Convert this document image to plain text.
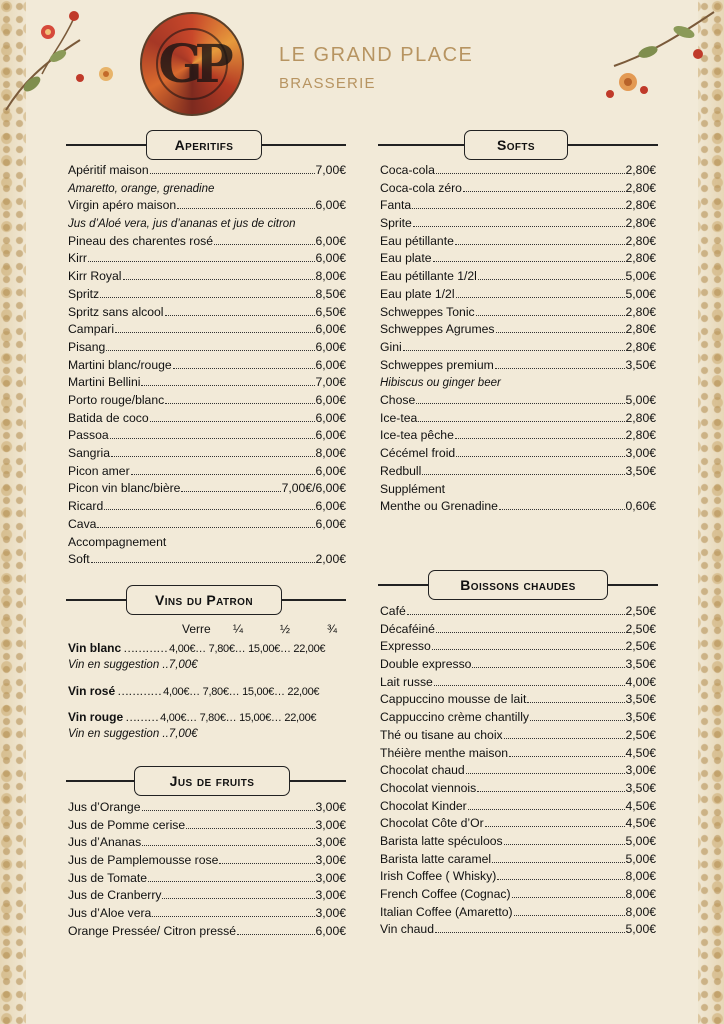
GP	LE GRAND PLACE
BRASSERIE
Aperitifs	Softs
Vins du Patron
Jus de fruits
Boissons chaudes
Apéritif maison	7,00€
Amaretto, orange, grenadine
Virgin apéro maison	6,00€
Jus d’Aloé vera, jus d’ananas et jus de citron
Pineau des charentes rosé	6,00€
Kirr	6,00€
Kirr Royal	8,00€
Spritz	8,50€
Spritz sans alcool	6,50€
Campari	6,00€
Pisang	6,00€
Martini blanc/rouge	6,00€
Martini Bellini	7,00€
Porto rouge/blanc	6,00€
Batida de coco	6,00€
Passoa	6,00€
Sangria	8,00€
Picon amer	6,00€
Picon vin blanc/bière	7,00€/6,00€
Ricard	6,00€
Cava	6,00€
Accompagnement
Soft	2,00€
Coca-cola	2,80€
Coca-cola zéro	2,80€
Fanta	2,80€
Sprite	2,80€
Eau pétillante	2,80€
Eau plate	2,80€
Eau pétillante 1/2l	5,00€
Eau plate 1/2l	5,00€
Schweppes Tonic	2,80€
Schweppes Agrumes	2,80€
Gini	2,80€
Schweppes premium	3,50€
Hibiscus ou ginger beer
Chose	5,00€
Ice-tea	2,80€
Ice-tea pêche	2,80€
Cécémel froid	3,00€
Redbull	3,50€
Supplément
Menthe ou Grenadine	0,60€
Café	2,50€
Décaféiné	2,50€
Expresso	2,50€
Double expresso	3,50€
Lait russe	4,00€
Cappuccino mousse de lait	3,50€
Cappuccino crème chantilly	3,50€
Thé ou tisane au choix	2,50€
Théière menthe maison	4,50€
Chocolat chaud	3,00€
Chocolat viennois	3,50€
Chocolat Kinder	4,50€
Chocolat Côte d’Or	4,50€
Barista latte spéculoos	5,00€
Barista latte caramel	5,00€
Irish Coffee ( Whisky)	8,00€
French Coffee (Cognac)	8,00€
Italian Coffee (Amaretto)	8,00€
Vin chaud	5,00€
Jus d’Orange	3,00€
Jus de Pomme cerise	3,00€
Jus d’Ananas	3,00€
Jus de Pamplemousse rose	3,00€
Jus de Tomate	3,00€
Jus de Cranberry	3,00€
Jus d’Aloe vera	3,00€
Orange Pressée/ Citron pressé	6,00€
Verre ¼	½	¾
Vin blanc ………… 4,00€… 7,80€… 15,00€… 22,00€
Vin en suggestion ..7,00€
Vin rosé ………… 4,00€… 7,80€… 15,00€… 22,00€
Vin rouge ……… 4,00€… 7,80€… 15,00€… 22,00€
Vin en suggestion ..7,00€
